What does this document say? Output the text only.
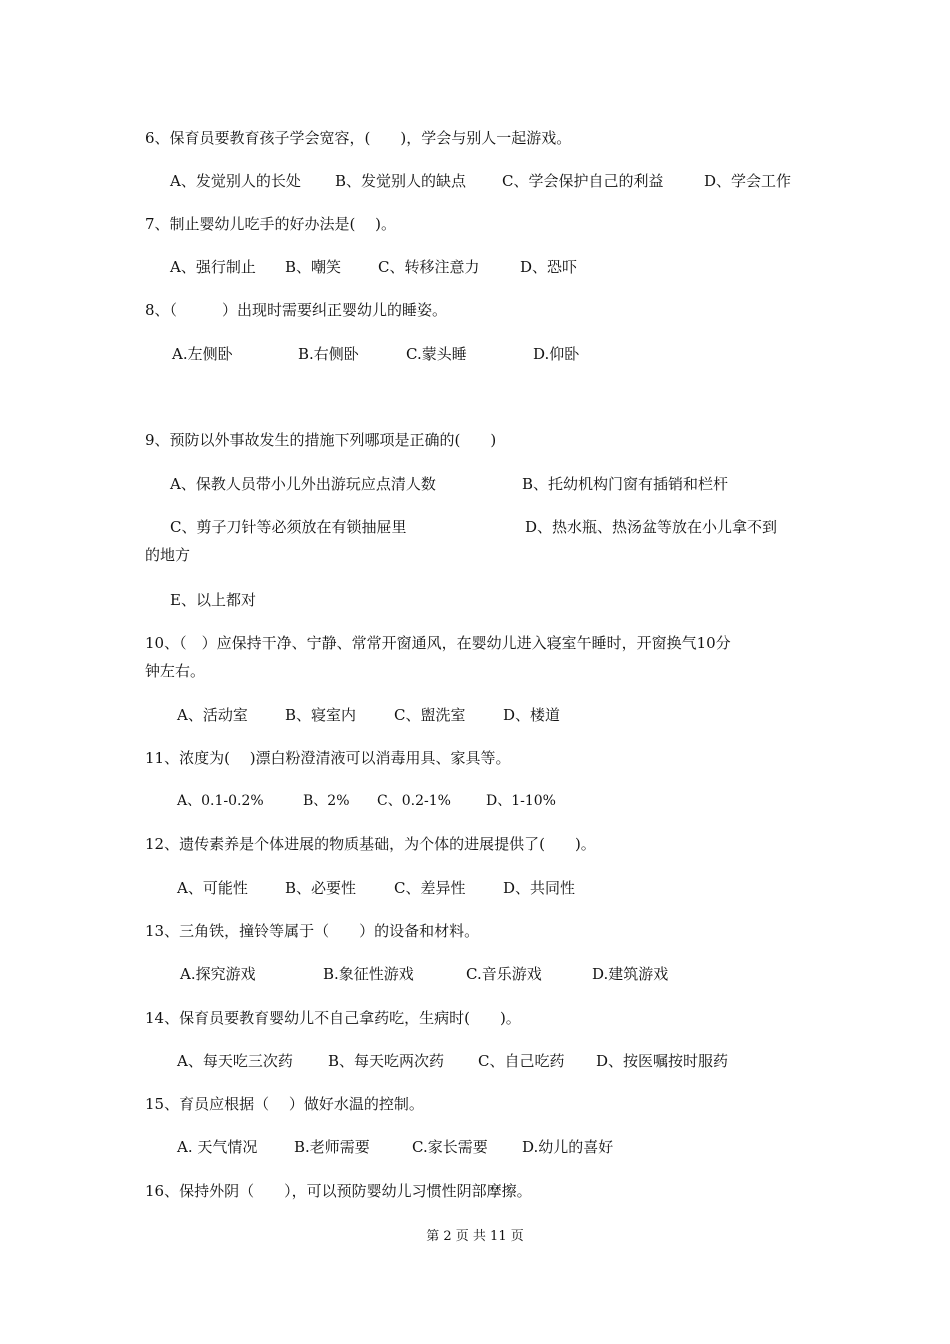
6、保育员要教育孩子学会宽容，(　　)，学会与别人一起游戏。
A、发觉别人的长处 B、发觉别人的缺点 C、学会保护自己的利益	D、学会工作
7、制止婴幼儿吃手的好办法是(　 )。
A、强行制止 B、嘲笑 C、转移注意力	D、恐吓
8、（　　　）出现时需要纠正婴幼儿的睡姿。
A.左侧卧	B.右侧卧	C.蒙头睡	D.仰卧
9、预防以外事故发生的措施下列哪项是正确的(　　)
A、保教人员带小儿外出游玩应点清人数	B、托幼机构门窗有插销和栏杆
C、剪子刀针等必须放在有锁抽屉里	D、热水瓶、热汤盆等放在小儿拿不到
的地方
E、以上都对
10、（　）应保持干净、宁静、常常开窗通风，在婴幼儿进入寝室午睡时，开窗换气10分
钟左右。
A、活动室 B、寝室内	C、盥洗室	D、楼道
11、浓度为(　 )漂白粉澄清液可以消毒用具、家具等。
A、0.1-0.2%	B、2% C、0.2-1%	D、1-10%
12、遗传素养是个体进展的物质基础，为个体的进展提供了(　　)。
A、可能性 B、必要性	C、差异性	D、共同性
13、三角铁，撞铃等属于（　　）的设备和材料。
A.探究游戏	B.象征性游戏	C.音乐游戏	D.建筑游戏
14、保育员要教育婴幼儿不自己拿药吃，生病时(　　)。
A、每天吃三次药 B、每天吃两次药 C、自己吃药 D、按医嘱按时服药
15、育员应根据（　 ）做好水温的控制。
A. 天气情况 B.老师需要	C.家长需要 D.幼儿的喜好
16、保持外阴（　　），可以预防婴幼儿习惯性阴部摩擦。
第 2 页 共 11 页
